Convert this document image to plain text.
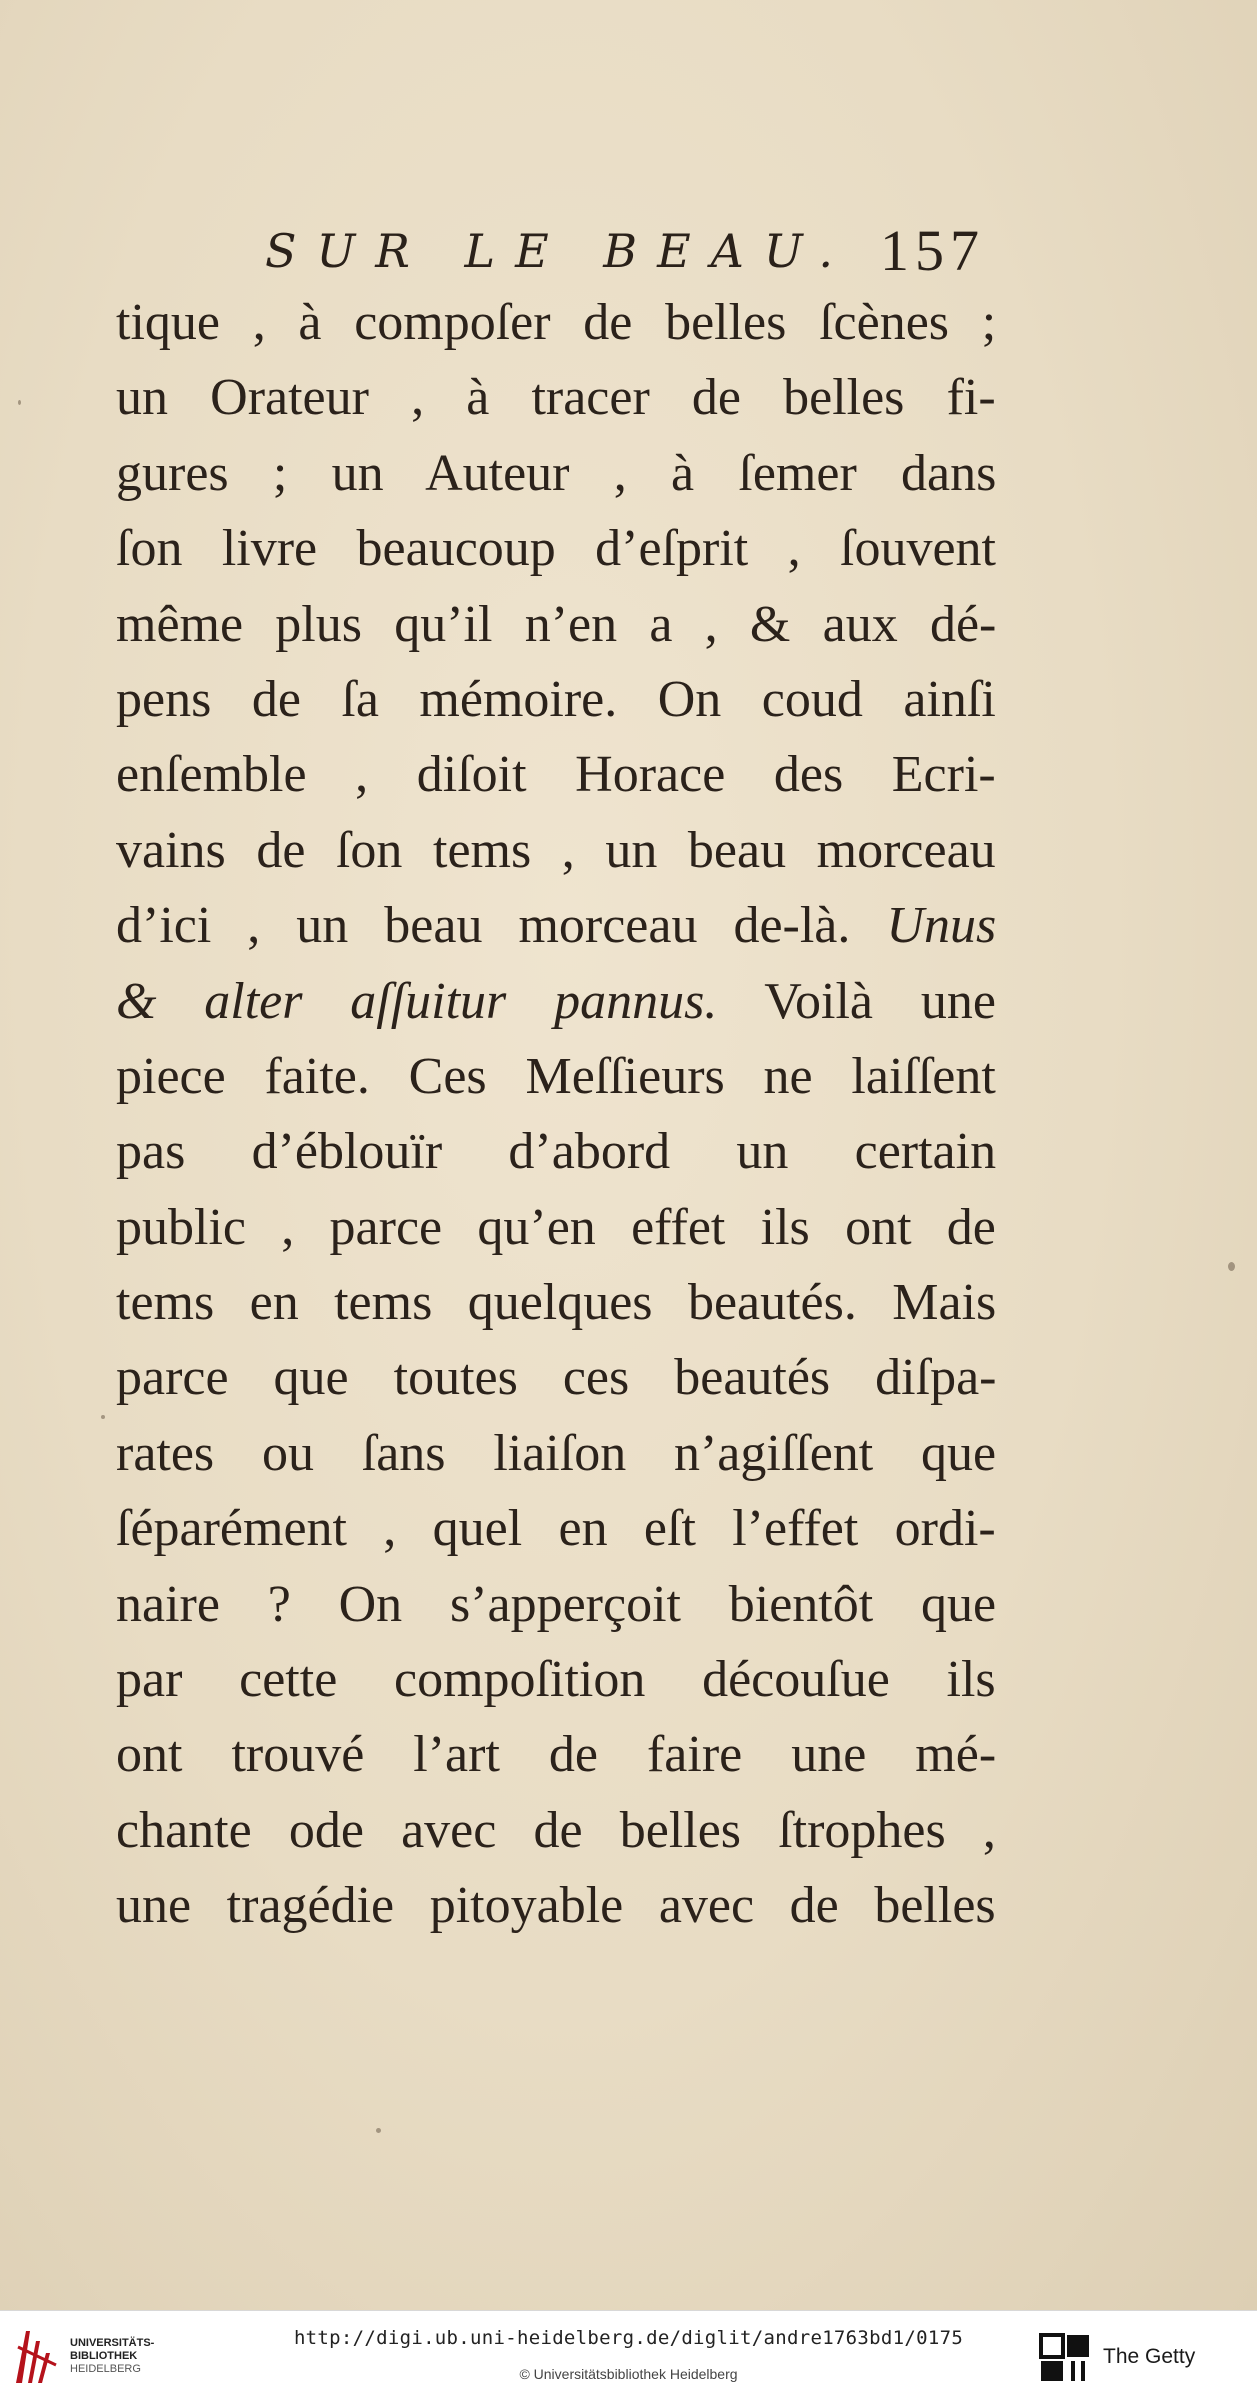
SUR LE BEAU. 157
tique , à compoſer de belles ſcènes ;
un Orateur , à tracer de belles fi-
gures ; un Auteur , à ſemer dans
ſon livre beaucoup d’eſprit , ſouvent
même plus qu’il n’en a , & aux dé-
pens de ſa mémoire. On coud ainſi
enſemble , diſoit Horace des Ecri-
vains de ſon tems , un beau morceau
d’ici , un beau morceau de-là. Unus
& alter aſſuitur pannus. Voilà une
piece faite. Ces Meſſieurs ne laiſſent
pas d’éblouïr d’abord un certain
public , parce qu’en effet ils ont de
tems en tems quelques beautés. Mais
parce que toutes ces beautés diſpa-
rates ou ſans liaiſon n’agiſſent que
ſéparément , quel en eſt l’effet ordi-
naire ? On s’apperçoit bientôt que
par cette compoſition découſue ils
ont trouvé l’art de faire une mé-
chante ode avec de belles ſtrophes ,
une tragédie pitoyable avec de belles
UNIVERSITÄTS-
BIBLIOTHEK
HEIDELBERG
http://digi.ub.uni-heidelberg.de/diglit/andre1763bd1/0175
© Universitätsbibliothek Heidelberg
The Getty
